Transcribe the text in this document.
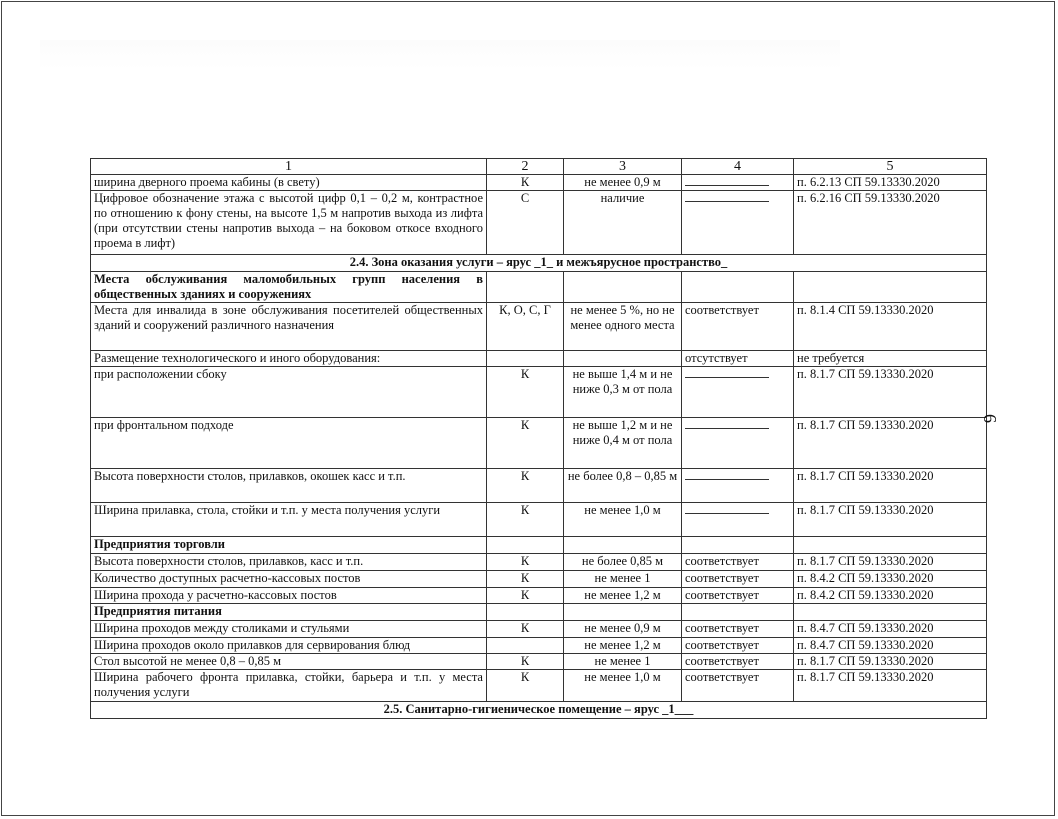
1	2	3	4	5
ширина дверного проема кабины (в свету)	К	не менее 0,9 м		п. 6.2.13 СП 59.13330.2020
Цифровое обозначение этажа с высотой цифр 0,1 – 0,2 м, контрастное по отношению к фону стены, на высоте 1,5 м напротив выхода из лифта (при отсутствии стены напротив выхода – на боковом откосе входного проема в лифт)	С	наличие		п. 6.2.16 СП 59.13330.2020
2.4. Зона оказания услуги – ярус _1_ и межъярусное пространство_				
Места обслуживания маломобильных групп населения в общественных зданиях и сооружениях				
Места для инвалида в зоне обслуживания посетителей общественных зданий и сооружений различного назначения	К, О, С, Г	не менее 5 %, но не менее одного места	соответствует	п. 8.1.4 СП 59.13330.2020
Размещение технологического и иного оборудования:			отсутствует	не требуется
при расположении сбоку	К	не выше 1,4 м и не ниже 0,3 м от пола		п. 8.1.7 СП 59.13330.2020
при фронтальном подходе	К	не выше 1,2 м и не ниже 0,4 м от пола		п. 8.1.7 СП 59.13330.2020
Высота поверхности столов, прилавков, окошек касс и т.п.	К	не более 0,8 – 0,85 м		п. 8.1.7 СП 59.13330.2020
Ширина прилавка, стола, стойки и т.п. у места получения услуги	К	не менее 1,0 м		п. 8.1.7 СП 59.13330.2020
Предприятия торговли				
Высота поверхности столов, прилавков, касс и т.п.	К	не более 0,85 м	соответствует	п. 8.1.7 СП 59.13330.2020
Количество доступных расчетно-кассовых постов	К	не менее 1	соответствует	п. 8.4.2 СП 59.13330.2020
Ширина прохода у расчетно-кассовых постов	К	не менее 1,2 м	соответствует	п. 8.4.2 СП 59.13330.2020
Предприятия питания				
Ширина проходов между столиками и стульями	К	не менее 0,9 м	соответствует	п. 8.4.7 СП 59.13330.2020
Ширина проходов около прилавков для сервирования блюд		не менее 1,2 м	соответствует	п. 8.4.7 СП 59.13330.2020
Стол высотой не менее 0,8 – 0,85 м	К	не менее 1	соответствует	п. 8.1.7 СП 59.13330.2020
Ширина рабочего фронта прилавка, стойки, барьера и т.п. у места получения услуги	К	не менее 1,0 м	соответствует	п. 8.1.7 СП 59.13330.2020
2.5. Санитарно-гигиеническое помещение – ярус _1___				
6
